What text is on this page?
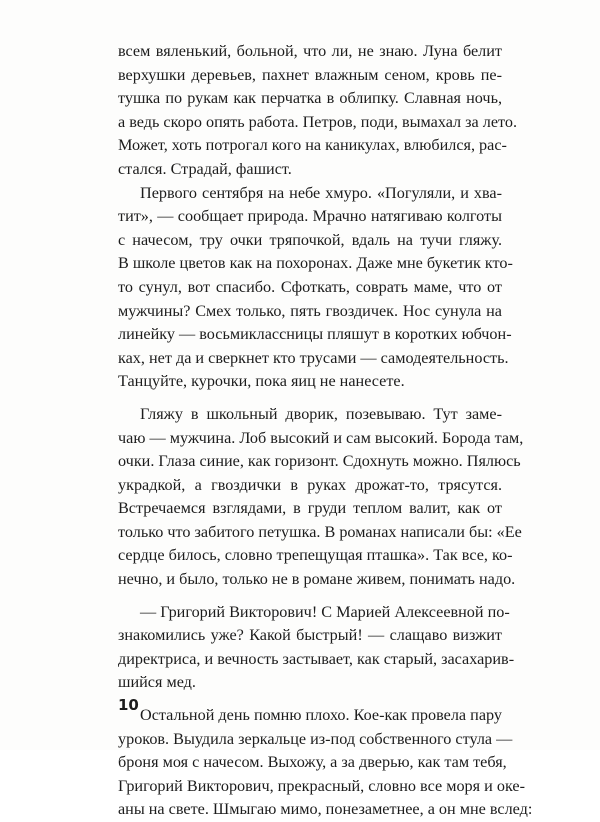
всем вяленький, больной, что ли, не знаю. Луна белит
верхушки деревьев, пахнет влажным сеном, кровь пе-
тушка по рукам как перчатка в облипку. Славная ночь,
а ведь скоро опять работа. Петров, поди, вымахал за лето.
Может, хоть потрогал кого на каникулах, влюбился, рас-
стался. Страдай, фашист.
Первого сентября на небе хмуро. «Погуляли, и хва-
тит», — сообщает природа. Мрачно натягиваю колготы
с начесом, тру очки тряпочкой, вдаль на тучи гляжу.
В школе цветов как на похоронах. Даже мне букетик кто-
то сунул, вот спасибо. Сфоткать, соврать маме, что от
мужчины? Смех только, пять гвоздичек. Нос сунула на
линейку — восьмиклассницы пляшут в коротких юбчон-
ках, нет да и сверкнет кто трусами — самодеятельность.
Танцуйте, курочки, пока яиц не нанесете.
Гляжу в школьный дворик, позевываю. Тут заме-
чаю — мужчина. Лоб высокий и сам высокий. Борода там,
очки. Глаза синие, как горизонт. Сдохнуть можно. Пялюсь
украдкой, а гвоздички в руках дрожат-то, трясутся.
Встречаемся взглядами, в груди теплом валит, как от
только что забитого петушка. В романах написали бы: «Ее
сердце билось, словно трепещущая пташка». Так все, ко-
нечно, и было, только не в романе живем, понимать надо.
— Григорий Викторович! С Марией Алексеевной по-
знакомились уже? Какой быстрый! — слащаво визжит
директриса, и вечность застывает, как старый, засахарив-
шийся мед.
Остальной день помню плохо. Кое-как провела пару
уроков. Выудила зеркальце из-под собственного стула —
броня моя с начесом. Выхожу, а за дверью, как там тебя,
Григорий Викторович, прекрасный, словно все моря и оке-
аны на свете. Шмыгаю мимо, понезаметнее, а он мне вслед:
10
